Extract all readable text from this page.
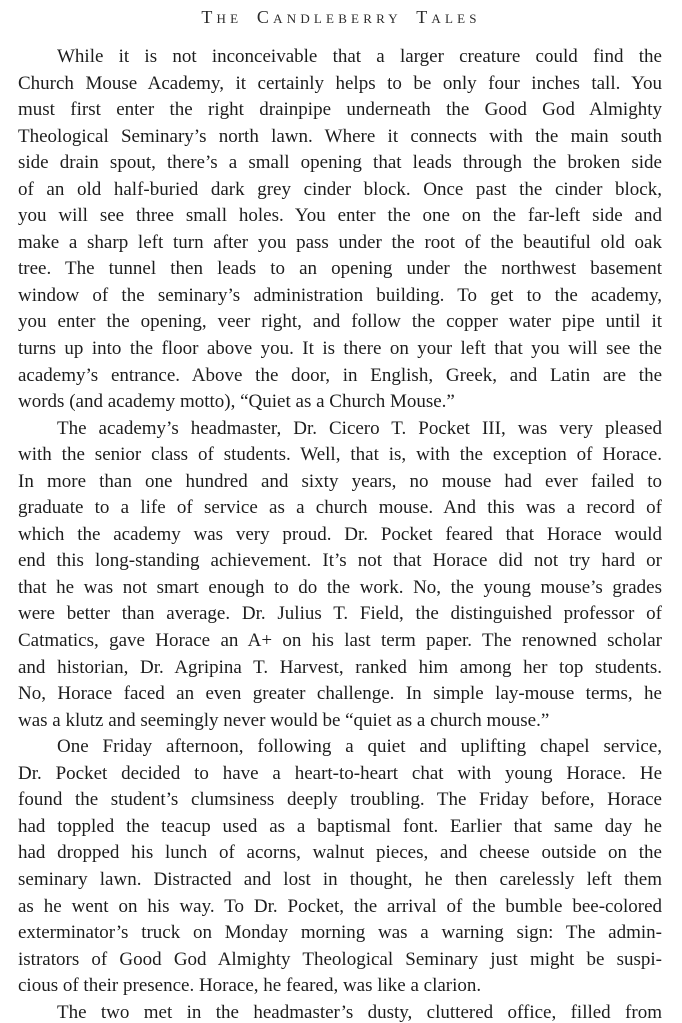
The Candleberry Tales
While it is not inconceivable that a larger creature could find the
Church Mouse Academy, it certainly helps to be only four inches tall. You
must first enter the right drainpipe underneath the Good God Almighty
Theological Seminary’s north lawn. Where it connects with the main south
side drain spout, there’s a small opening that leads through the broken side
of an old half-buried dark grey cinder block. Once past the cinder block,
you will see three small holes. You enter the one on the far-left side and
make a sharp left turn after you pass under the root of the beautiful old oak
tree. The tunnel then leads to an opening under the northwest basement
window of the seminary’s administration building. To get to the academy,
you enter the opening, veer right, and follow the copper water pipe until it
turns up into the floor above you. It is there on your left that you will see the
academy’s entrance. Above the door, in English, Greek, and Latin are the
words (and academy motto), “Quiet as a Church Mouse.”
The academy’s headmaster, Dr. Cicero T. Pocket III, was very pleased
with the senior class of students. Well, that is, with the exception of Horace.
In more than one hundred and sixty years, no mouse had ever failed to
graduate to a life of service as a church mouse. And this was a record of
which the academy was very proud. Dr. Pocket feared that Horace would
end this long-standing achievement. It’s not that Horace did not try hard or
that he was not smart enough to do the work. No, the young mouse’s grades
were better than average. Dr. Julius T. Field, the distinguished professor of
Catmatics, gave Horace an A+ on his last term paper. The renowned scholar
and historian, Dr. Agripina T. Harvest, ranked him among her top students.
No, Horace faced an even greater challenge. In simple lay-mouse terms, he
was a klutz and seemingly never would be “quiet as a church mouse.”
One Friday afternoon, following a quiet and uplifting chapel service,
Dr. Pocket decided to have a heart-to-heart chat with young Horace. He
found the student’s clumsiness deeply troubling. The Friday before, Horace
had toppled the teacup used as a baptismal font. Earlier that same day he
had dropped his lunch of acorns, walnut pieces, and cheese outside on the
seminary lawn. Distracted and lost in thought, he then carelessly left them
as he went on his way. To Dr. Pocket, the arrival of the bumble bee-colored
exterminator’s truck on Monday morning was a warning sign: The admin-
istrators of Good God Almighty Theological Seminary just might be suspi-
cious of their presence. Horace, he feared, was like a clarion.
The two met in the headmaster’s dusty, cluttered office, filled from
